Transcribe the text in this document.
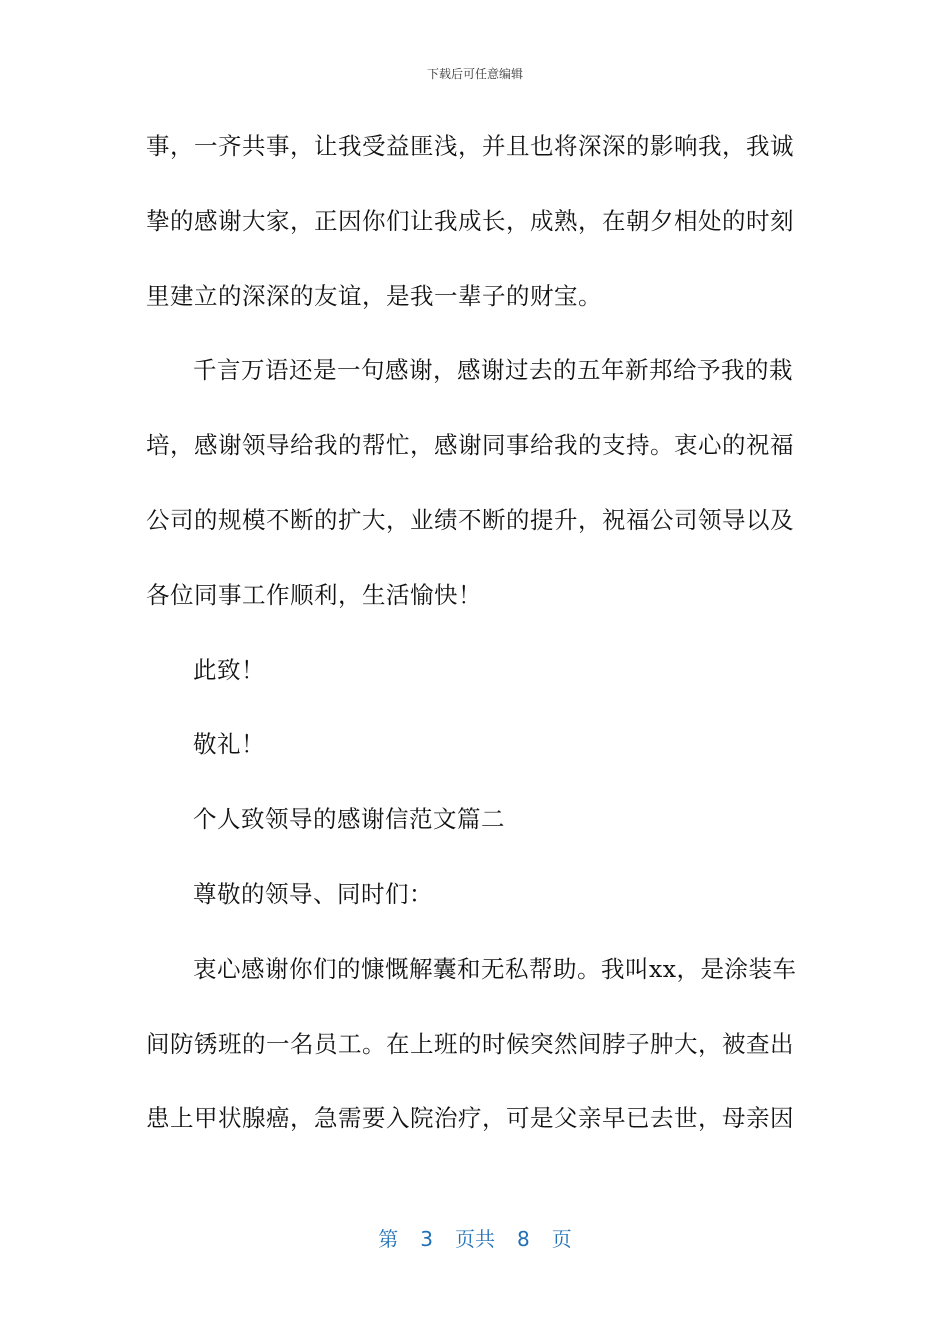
下载后可任意编辑
事，一齐共事，让我受益匪浅，并且也将深深的影响我，我诚
挚的感谢大家，正因你们让我成长，成熟，在朝夕相处的时刻
里建立的深深的友谊，是我一辈子的财宝。
千言万语还是一句感谢，感谢过去的五年新邦给予我的栽
培，感谢领导给我的帮忙，感谢同事给我的支持。衷心的祝福
公司的规模不断的扩大，业绩不断的提升，祝福公司领导以及
各位同事工作顺利，生活愉快！
此致！
敬礼！
个人致领导的感谢信范文篇二
尊敬的领导、同时们：
衷心感谢你们的慷慨解囊和无私帮助。我叫xx，是涂装车
间防锈班的一名员工。在上班的时候突然间脖子肿大，被查出
患上甲状腺癌，急需要入院治疗，可是父亲早已去世，母亲因
第 3 页共 8 页
